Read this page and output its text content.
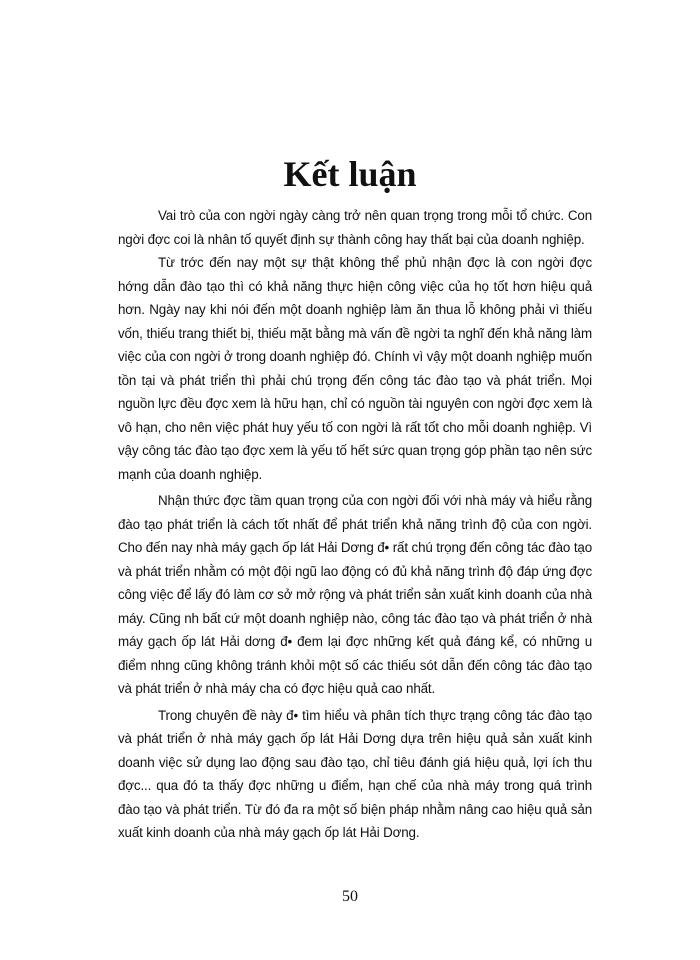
Kết luận

Vai trò của con ngời ngày càng trở nên quan trọng trong mỗi tổ chức. Con ngời đợc coi là nhân tố quyết định sự thành công hay thất bại của doanh nghiệp.

Từ trớc đến nay một sự thật không thể phủ nhận đợc là con ngời đợc hớng dẫn đào tạo thì có khả năng thực hiện công việc của họ tốt hơn hiệu quả hơn. Ngày nay khi nói đến một doanh nghiệp làm ăn thua lỗ không phải vì thiếu vốn, thiếu trang thiết bị, thiếu mặt bằng mà vấn đề ngời ta nghĩ đến khả năng làm việc của con ngời ở trong doanh nghiệp đó. Chính vì vậy một doanh nghiệp muốn tồn tại và phát triển thì phải chú trọng đến công tác đào tạo và phát triển. Mọi nguồn lực đều đợc xem là hữu hạn, chỉ có nguồn tài nguyên con ngời đợc xem là vô hạn, cho nên việc phát huy yếu tố con ngời là rất tốt cho mỗi doanh nghiệp. Vì vậy công tác đào tạo đợc xem là yếu tố hết sức quan trọng góp phần tạo nên sức mạnh của doanh nghiệp.

Nhận thức đợc tầm quan trọng của con ngời đối với nhà máy và hiểu rằng đào tạo phát triển là cách tốt nhất để phát triển khả năng trình độ của con ngời. Cho đến nay nhà máy gạch ốp lát Hải Dơng đ• rất chú trọng đến công tác đào tạo và phát triển nhằm có một đội ngũ lao động có đủ khả năng trình độ đáp ứng đợc công việc để lấy đó làm cơ sở mở rộng và phát triển sản xuất kinh doanh của nhà máy. Cũng nh bất cứ một doanh nghiệp nào, công tác đào tạo và phát triển ở nhà máy gạch ốp lát Hải dơng đ• đem lại đợc những kết quả đáng kể, có những u điểm nhng cũng không tránh khỏi một số các thiếu sót dẫn đến công tác đào tạo và phát triển ở nhà máy cha có đợc hiệu quả cao nhất.

Trong chuyên đề này đ• tìm hiểu và phân tích thực trạng công tác đào tạo và phát triển ở nhà máy gạch ốp lát Hải Dơng dựa trên hiệu quả sản xuất kinh doanh việc sử dụng lao động sau đào tạo, chỉ tiêu đánh giá hiệu quả, lợi ích thu đợc... qua đó ta thấy đợc những u điểm, hạn chế của nhà máy trong quá trình đào tạo và phát triển. Từ đó đa ra một số biện pháp nhằm nâng cao hiệu quả sản xuất kinh doanh của nhà máy gạch ốp lát Hải Dơng.

50
